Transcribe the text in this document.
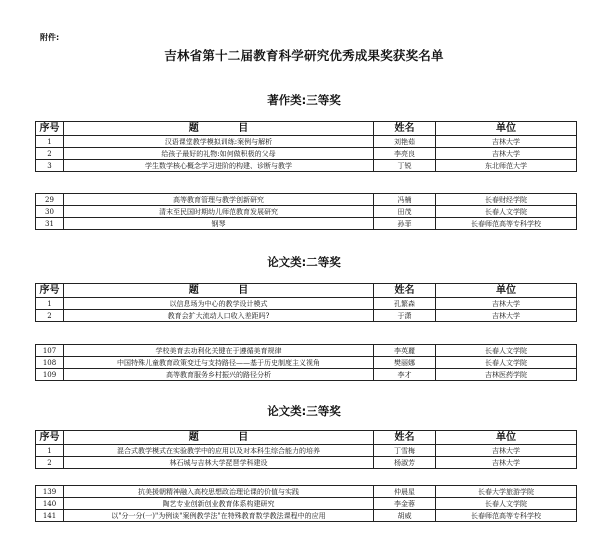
附件:
吉林省第十二届教育科学研究优秀成果奖获奖名单
著作类:三等奖
序号	题 目	姓名	单位
1	汉语课堂教学模拟训练:案例与解析	刘艳茹	吉林大学
2	给孩子最好的礼物:如何做积极的父母	李亮良	吉林大学
3	学生数学核心概念学习进阶的构建、诊断与教学	丁锐	东北师范大学
29	高等教育管理与教学创新研究	冯楠	长春财经学院
30	清末至民国时期幼儿师范教育发展研究	田茂	长春人文学院
31	钢琴	孙菲	长春师范高等专科学校
论文类:二等奖
序号	题 目	姓名	单位
1	以信息场为中心的教学设计模式	孔繁森	吉林大学
2	教育会扩大流动人口收入差距吗?	于潇	吉林大学
107	学校美育去功利化关键在于遵循美育规律	李英麗	长春人文学院
108	中国特殊儿童教育政策变迁与支持路径——基于历史制度主义视角	樊丽娜	长春人文学院
109	高等教育服务乡村振兴的路径分析	李才	吉林医药学院
论文类:三等奖
序号	题 目	姓名	单位
1	混合式教学模式在实验教学中的应用以及对本科生综合能力的培养	丁雪梅	吉林大学
2	林石城与吉林大学琵琶学科建设	杨淑芳	吉林大学
139	抗美援朝精神融入高校思想政治理论课的价值与实践	仲晨星	长春大学旅游学院
140	陶艺专业创新创业教育体系构建研究	李金蓉	长春人文学院
141	以"分一分(一)"为例谈"案例教学法"在特殊教育数学教法课程中的应用	胡威	长春师范高等专科学校
